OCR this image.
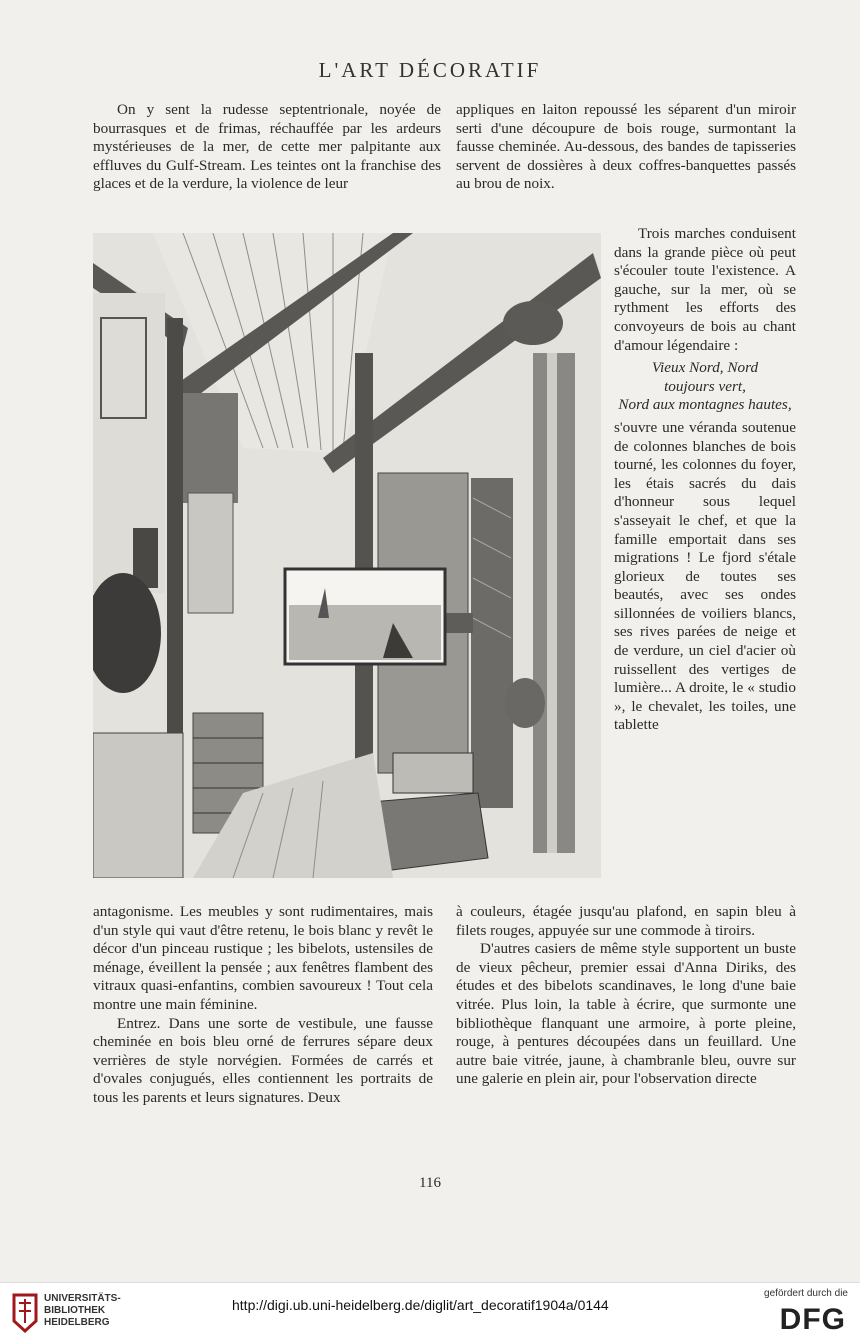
L'ART DÉCORATIF

On y sent la rudesse septentrionale, noyée de bourrasques et de frimas, réchauffée par les ardeurs mystérieuses de la mer, de cette mer palpitante aux effluves du Gulf-Stream. Les teintes ont la franchise des glaces et de la verdure, la violence de leur

appliques en laiton repoussé les séparent d'un miroir serti d'une découpure de bois rouge, surmontant la fausse cheminée. Au-dessous, des bandes de tapisseries servent de dossières à deux coffres-banquettes passés au brou de noix.

Trois marches conduisent dans la grande pièce où peut s'écouler toute l'existence. A gauche, sur la mer, où se rythment les efforts des convoyeurs de bois au chant d'amour légendaire :

Vieux Nord, Nord
toujours vert,
Nord aux montagnes hautes,

s'ouvre une véranda soutenue de colonnes blanches de bois tourné, les colonnes du foyer, les étais sacrés du dais d'honneur sous lequel s'asseyait le chef, et que la famille emportait dans ses migrations ! Le fjord s'étale glorieux de toutes ses beautés, avec ses ondes sillonnées de voiliers blancs, ses rives parées de neige et de verdure, un ciel d'acier où ruissellent des vertiges de lumière... A droite, le « studio », le chevalet, les toiles, une tablette

antagonisme. Les meubles y sont rudimentaires, mais d'un style qui vaut d'être retenu, le bois blanc y revêt le décor d'un pinceau rustique ; les bibelots, ustensiles de ménage, éveillent la pensée ; aux fenêtres flambent des vitraux quasi-enfantins, combien savoureux ! Tout cela montre une main féminine.

Entrez. Dans une sorte de vestibule, une fausse cheminée en bois bleu orné de ferrures sépare deux verrières de style norvégien. Formées de carrés et d'ovales conjugués, elles contiennent les portraits de tous les parents et leurs signatures. Deux

à couleurs, étagée jusqu'au plafond, en sapin bleu à filets rouges, appuyée sur une commode à tiroirs.

D'autres casiers de même style supportent un buste de vieux pêcheur, premier essai d'Anna Diriks, des études et des bibelots scandinaves, le long d'une baie vitrée. Plus loin, la table à écrire, que surmonte une bibliothèque flanquant une armoire, à porte pleine, rouge, à pentures découpées dans un feuillard. Une autre baie vitrée, jaune, à chambranle bleu, ouvre sur une galerie en plein air, pour l'observation directe

116
UNIVERSITÄTS-
BIBLIOTHEK
HEIDELBERG
http://digi.ub.uni-heidelberg.de/diglit/art_decoratif1904a/0144
gefördert durch die
DFG
